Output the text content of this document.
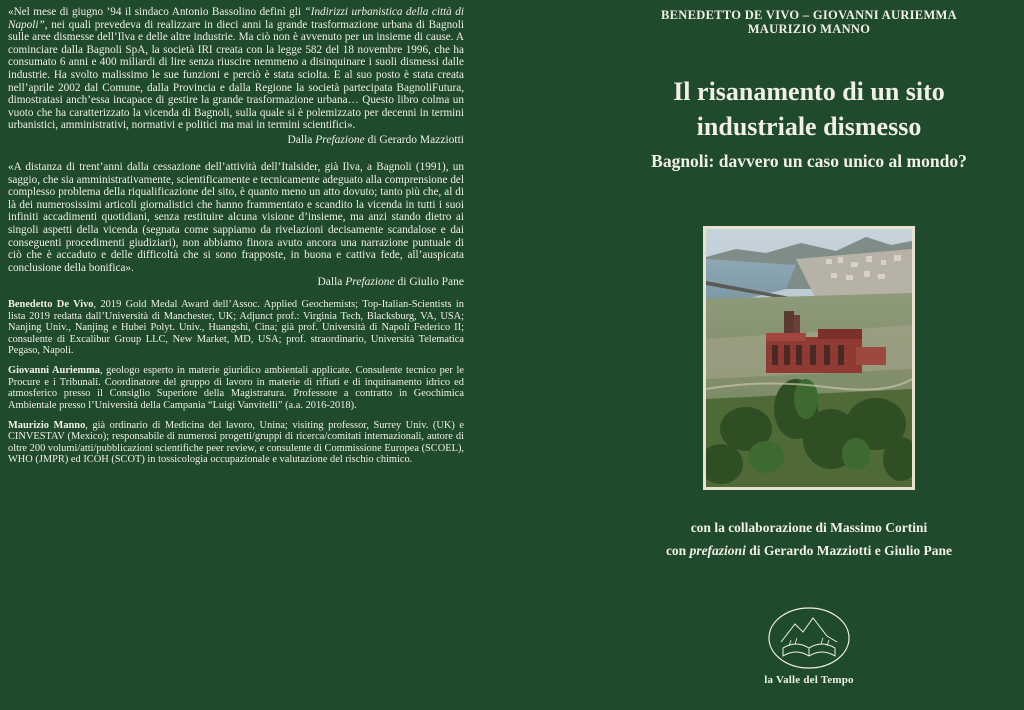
«Nel mese di giugno ’94 il sindaco Antonio Bassolino definì gli “Indirizzi urbanistica della città di Napoli”, nei quali prevedeva di realizzare in dieci anni la grande trasformazione urbana di Bagnoli sulle aree dismesse dell’Ilva e delle altre industrie. Ma ciò non è avvenuto per un insieme di cause. A cominciare dalla Bagnoli SpA, la società IRI creata con la legge 582 del 18 novembre 1996, che ha consumato 6 anni e 400 miliardi di lire senza riuscire nemmeno a disinquinare i suoli dismessi dalle industrie. Ha svolto malissimo le sue funzioni e perciò è stata sciolta. E al suo posto è stata creata nell’aprile 2002 dal Comune, dalla Provincia e dalla Regione la società partecipata BagnoliFutura, dimostratasi anch’essa incapace di gestire la grande trasformazione urbana… Questo libro colma un vuoto che ha caratterizzato la vicenda di Bagnoli, sulla quale si è polemizzato per decenni in termini urbanistici, amministrativi, normativi e politici ma mai in termini scientifici».

Dalla Prefazione di Gerardo Mazziotti

«A distanza di trent’anni dalla cessazione dell’attività dell’Italsider, già Ilva, a Bagnoli (1991), un saggio, che sia amministrativamente, scientificamente e tecnicamente adeguato alla comprensione del complesso problema della riqualificazione del sito, è quanto meno un atto dovuto; tanto più che, al di là dei numerosissimi articoli giornalistici che hanno frammentato e scandito la vicenda in tutti i suoi infiniti accadimenti quotidiani, senza restituire alcuna visione d’insieme, ma anzi standο dietro ai singoli aspetti della vicenda (segnata come sappiamo da rivelazioni decisamente scandalose e dai conseguenti procedimenti giudiziari), non abbiamo finora avuto ancora una narrazione puntuale di ciò che è accaduto e delle difficoltà che si sono frapposte, in buona e cattiva fede, all’auspicata conclusione della bonifica».

Dalla Prefazione di Giulio Pane

Benedetto De Vivo, 2019 Gold Medal Award dell’Assoc. Applied Geochemists; Top-Italian-Scientists in lista 2019 redatta dall’Università di Manchester, UK; Adjunct prof.: Virginia Tech, Blacksburg, VA, USA; Nanjing Univ., Nanjing e Hubei Polyt. Univ., Huangshi, Cina; già prof. Università di Napoli Federico II; consulente di Excalibur Group LLC, New Market, MD, USA; prof. straordinario, Università Telematica Pegaso, Napoli.

Giovanni Auriemma, geologo esperto in materie giuridico ambientali applicate. Consulente tecnico per le Procure e i Tribunali. Coordinatore del gruppo di lavoro in materie di rifiuti e di inquinamento idrico ed atmosferico presso il Consiglio Superiore della Magistratura. Professore a contratto in Geochimica Ambientale presso l’Università della Campania “Luigi Vanvitelli” (a.a. 2016-2018).

Maurizio Manno, già ordinario di Medicina del lavoro, Unina; visiting professor, Surrey Univ. (UK) e CINVESTAV (Mexico); responsabile di numerosi progetti/gruppi di ricerca/comitati internazionali, autore di oltre 200 volumi/atti/pubblicazioni scientifiche peer review, e consulente di Commissione Europea (SCOEL), WHO (JMPR) ed ICOH (SCOT) in tossicologia occupazionale e valutazione del rischio chimico.

BENEDETTO DE VIVO – GIOVANNI AURIEMMA
MAURIZIO MANNO
Il risanamento di un sito
industriale dismesso
Bagnoli: davvero un caso unico al mondo?
con la collaborazione di Massimo Cortini
con prefazioni di Gerardo Mazziotti e Giulio Pane
la Valle del Tempo
